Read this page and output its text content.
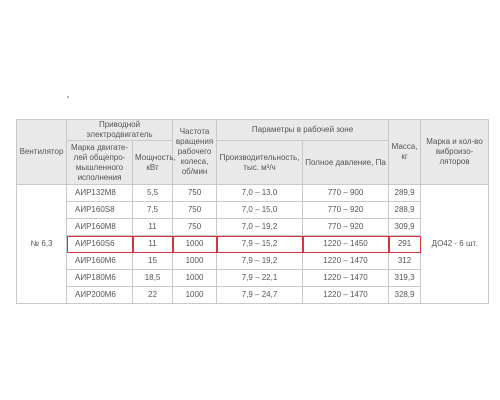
Вентилятор	Приводной электродвигатель		Частота вращения рабочего колеса, об/мин	Параметры в рабочей зоне		Масса, кг	Марка и кол-во виброизо-ляторов
	Марка двигате-лей общепро-мышленного исполнения	Мощность, кВт		Производительность, тыс. м³/ч	Полное давление, Па		
№ 6,3	АИР132М8	5,5	750	7,0 – 13,0	770 – 900	289,9	ДО42 - 6 шт.
	АИР160S8	7,5	750	7,0 – 15,0	770 – 920	288,9	
	АИР160М8	11	750	7,0 – 19,2	770 – 920	309,9	
	АИР160S6	11	1000	7,9 – 15,2	1220 – 1450	291	
	АИР160М6	15	1000	7,9 – 19,2	1220 – 1470	312	
	АИР180М6	18,5	1000	7,9 – 22,1	1220 – 1470	319,3	
	АИР200М6	22	1000	7,9 – 24,7	1220 – 1470	328,9	
